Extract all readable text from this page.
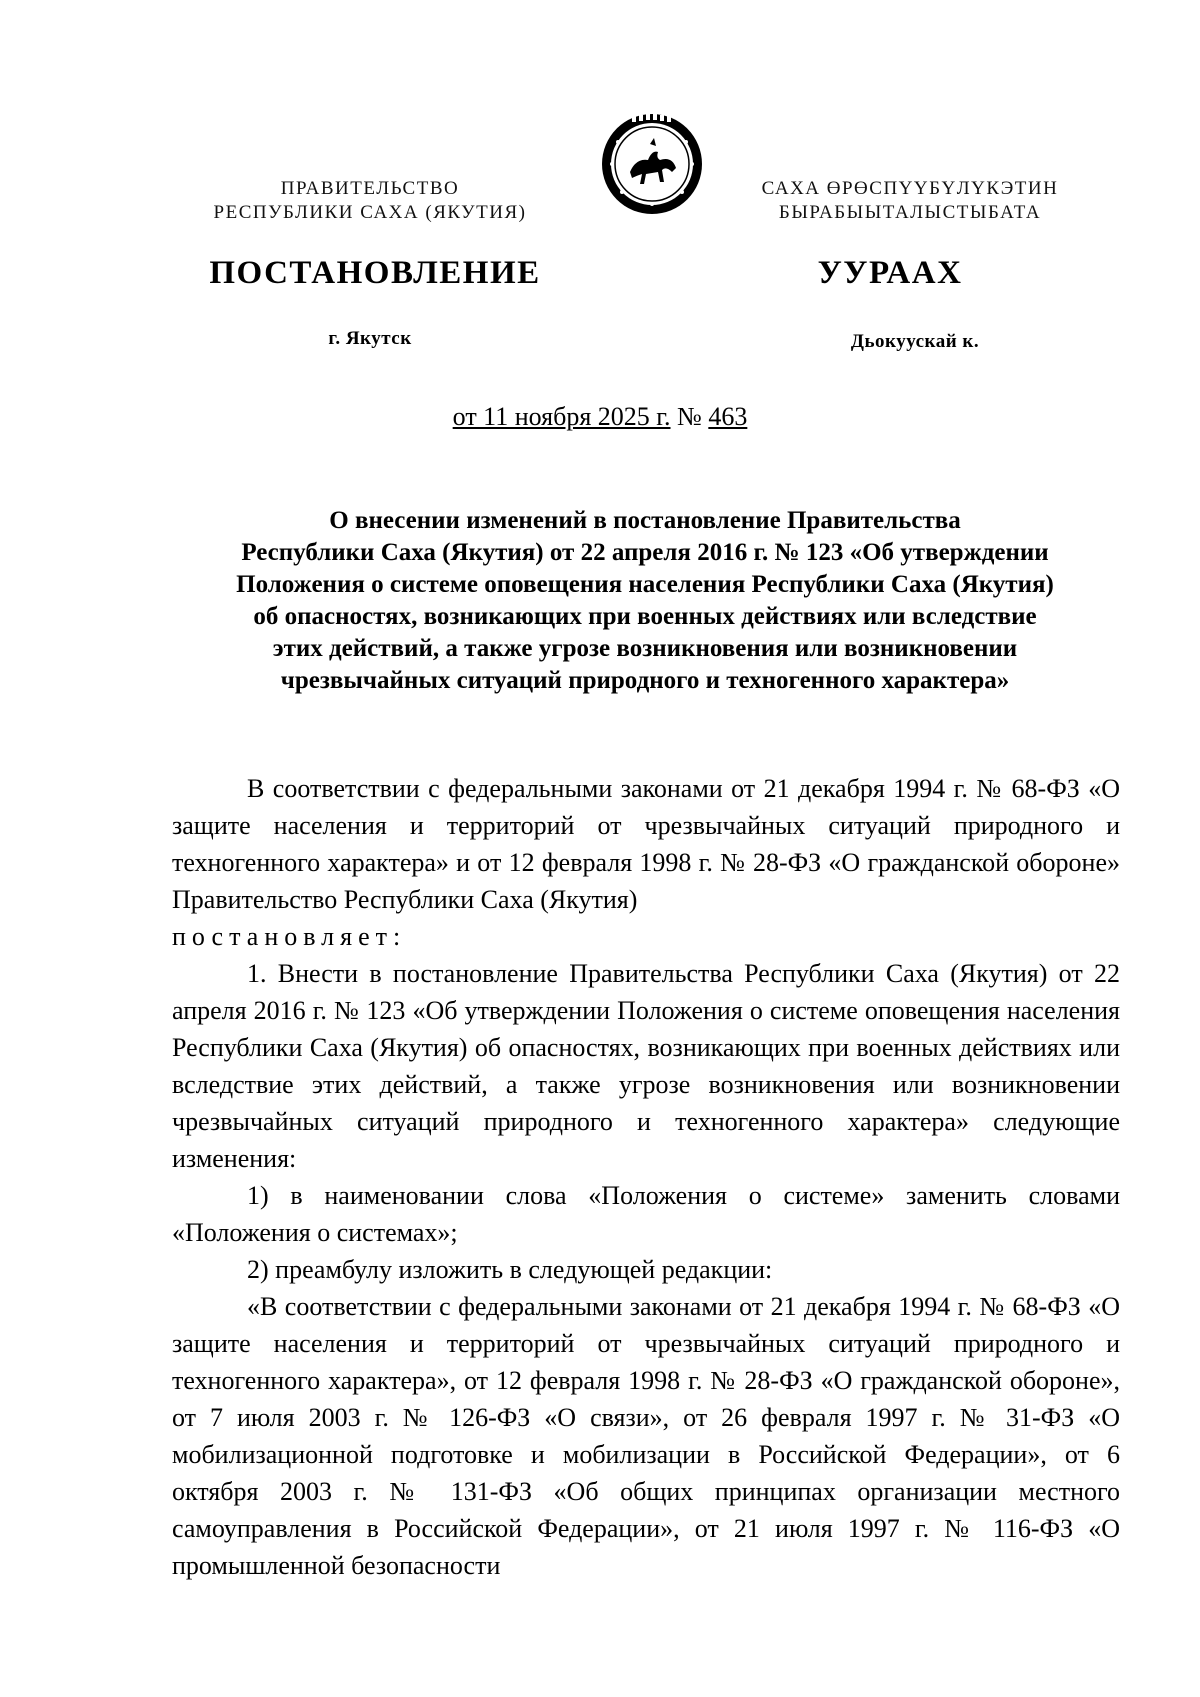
ПРАВИТЕЛЬСТВО
РЕСПУБЛИКИ САХА (ЯКУТИЯ)
САХА ӨРӨСПҮҮБҮЛҮКЭТИН
БЫРАБЫЫТАЛЫСТЫБАТА
ПОСТАНОВЛЕНИЕ	УУРААХ
г. Якутск	Дьокуускай к.
от 11 ноября 2025 г. № 463
О внесении изменений в постановление Правительства
Республики Саха (Якутия) от 22 апреля 2016 г. № 123 «Об утверждении
Положения о системе оповещения населения Республики Саха (Якутия)
об опасностях, возникающих при военных действиях или вследствие
этих действий, а также угрозе возникновения или возникновении
чрезвычайных ситуаций природного и техногенного характера»

В соответствии с федеральными законами от 21 декабря 1994 г. № 68-ФЗ «О защите населения и территорий от чрезвычайных ситуаций природного и техногенного характера» и от 12 февраля 1998 г. № 28-ФЗ «О гражданской обороне» Правительство Республики Саха (Якутия)
постановляет:

1. Внести в постановление Правительства Республики Саха (Якутия) от 22 апреля 2016 г. № 123 «Об утверждении Положения о системе оповещения населения Республики Саха (Якутия) об опасностях, возникающих при военных действиях или вследствие этих действий, а также угрозе возникновения или возникновении чрезвычайных ситуаций природного и техногенного характера» следующие изменения:

1) в наименовании слова «Положения о системе» заменить словами «Положения о системах»;

2) преамбулу изложить в следующей редакции:

«В соответствии с федеральными законами от 21 декабря 1994 г. № 68-ФЗ «О защите населения и территорий от чрезвычайных ситуаций природного и техногенного характера», от 12 февраля 1998 г. № 28-ФЗ «О гражданской обороне», от 7 июля 2003 г. № 126-ФЗ «О связи», от 26 февраля 1997 г. № 31-ФЗ «О мобилизационной подготовке и мобилизации в Российской Федерации», от 6 октября 2003 г. № 131-ФЗ «Об общих принципах организации местного самоуправления в Российской Федерации», от 21 июля 1997 г. № 116-ФЗ «О промышленной безопасности
